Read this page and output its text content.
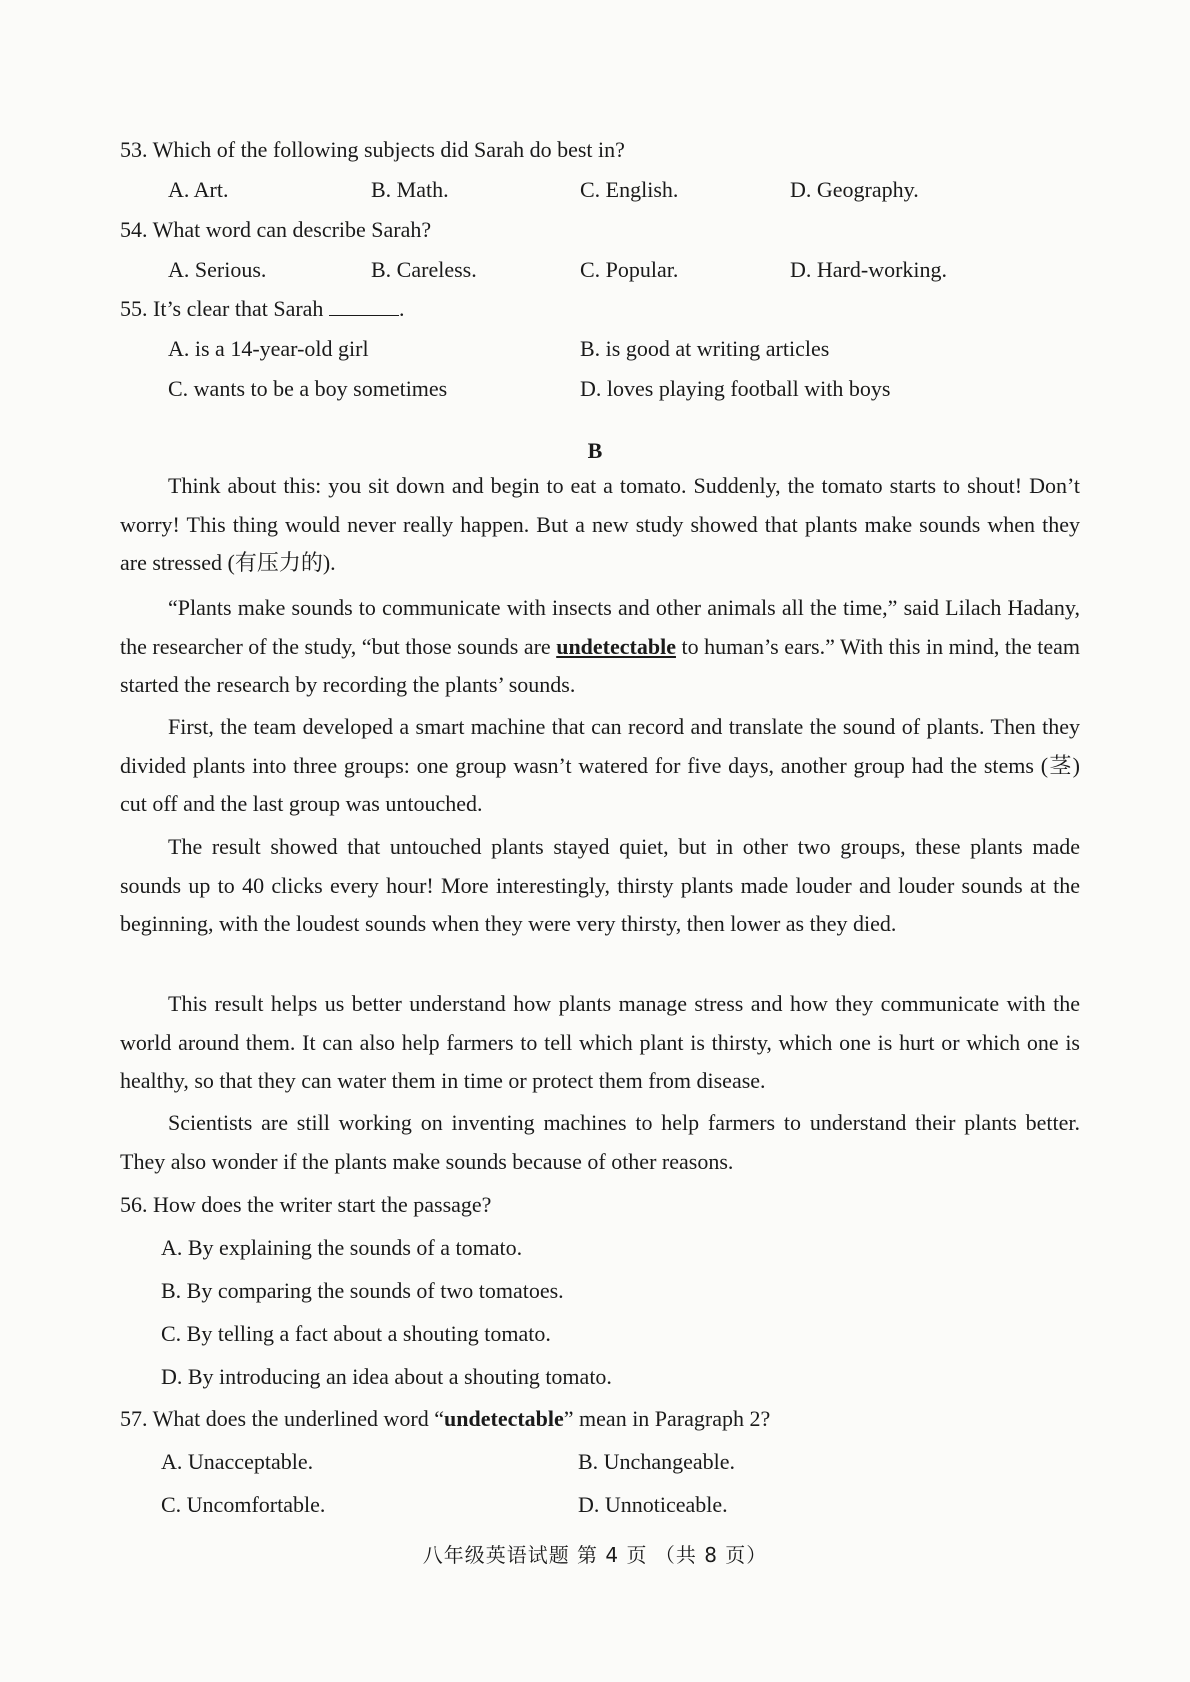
53. Which of the following subjects did Sarah do best in?
A. Art.	B. Math.	C. English.	D. Geography.
54. What word can describe Sarah?
A. Serious.	B. Careless.	C. Popular.	D. Hard-working.
55. It’s clear that Sarah	.
A. is a 14-year-old girl	B. is good at writing articles
C. wants to be a boy sometimes	D. loves playing football with boys
B
Think about this: you sit down and begin to eat a tomato. Suddenly, the tomato starts to shout! Don’t worry! This thing would never really happen. But a new study showed that plants make sounds when they are stressed (有压力的).
“Plants make sounds to communicate with insects and other animals all the time,” said Lilach Hadany, the researcher of the study, “but those sounds are undetectable to human’s ears.” With this in mind, the team started the research by recording the plants’ sounds.
First, the team developed a smart machine that can record and translate the sound of plants. Then they divided plants into three groups: one group wasn’t watered for five days, another group had the stems (茎) cut off and the last group was untouched.
The result showed that untouched plants stayed quiet, but in other two groups, these plants made sounds up to 40 clicks every hour! More interestingly, thirsty plants made louder and louder sounds at the beginning, with the loudest sounds when they were very thirsty, then lower as they died.
This result helps us better understand how plants manage stress and how they communicate with the world around them. It can also help farmers to tell which plant is thirsty, which one is hurt or which one is healthy, so that they can water them in time or protect them from disease.
Scientists are still working on inventing machines to help farmers to understand their plants better. They also wonder if the plants make sounds because of other reasons.
56. How does the writer start the passage?
A. By explaining the sounds of a tomato.
B. By comparing the sounds of two tomatoes.
C. By telling a fact about a shouting tomato.
D. By introducing an idea about a shouting tomato.
57. What does the underlined word “undetectable” mean in Paragraph 2?
A. Unacceptable.	B. Unchangeable.
C. Uncomfortable.	D. Unnoticeable.
八年级英语试题 第 4 页 （共 8 页）
